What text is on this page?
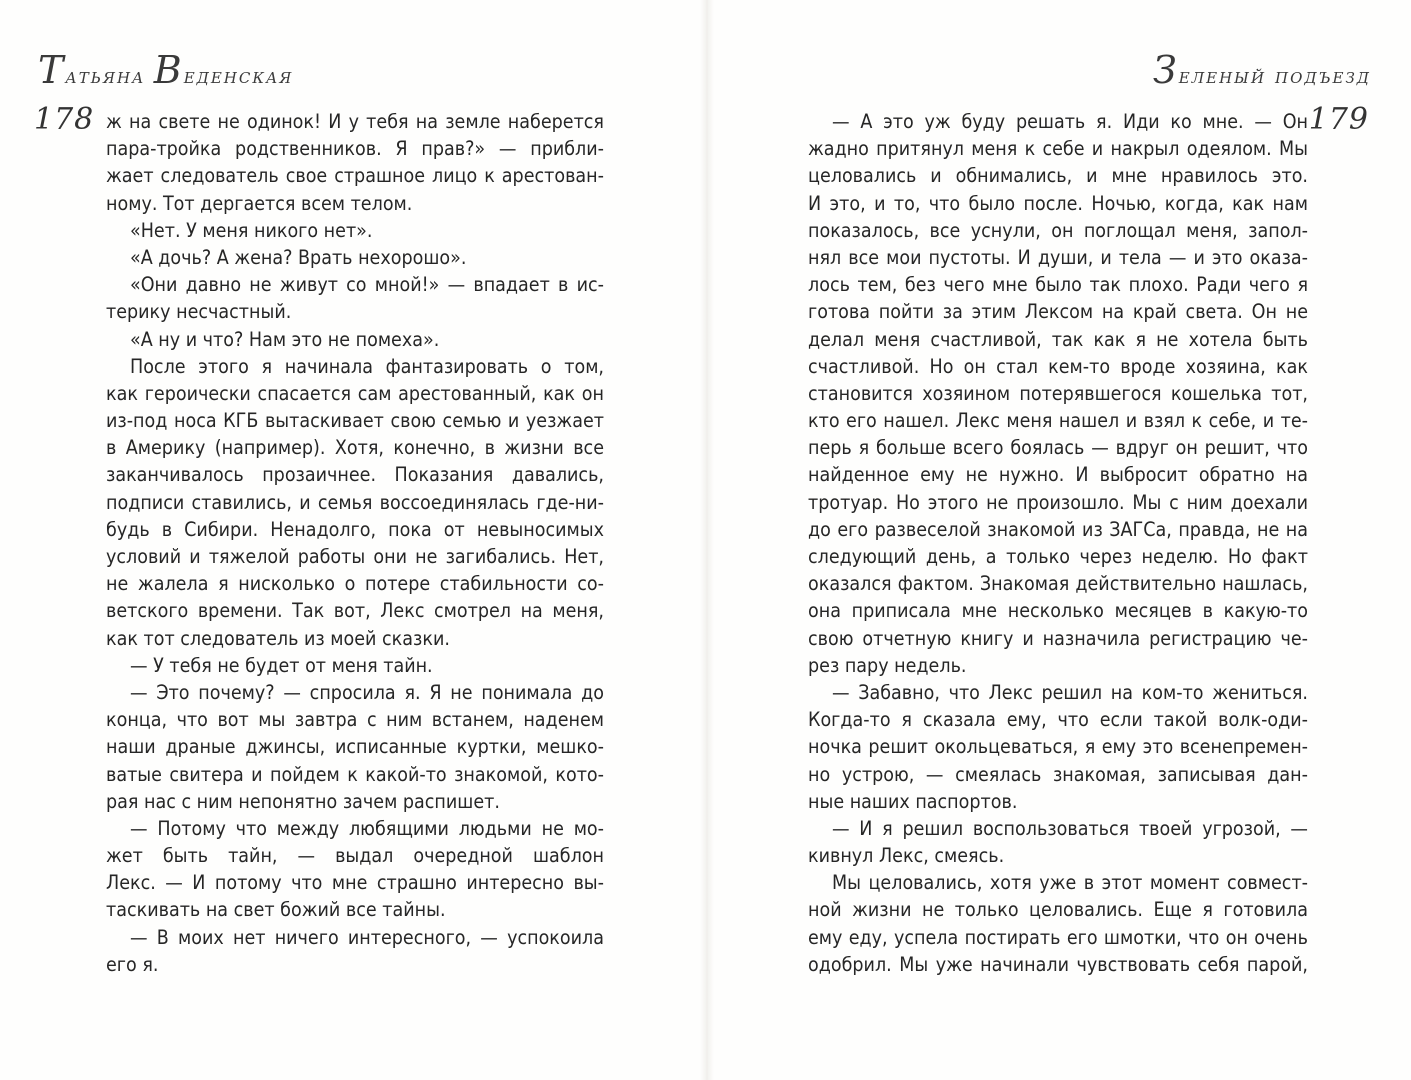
Татьяна Веденская
178 ж на свете не одинок! И у тебя на земле наберется
пара-тройка родственников. Я прав?» — прибли-
жает следователь свое страшное лицо к арестован-
ному. Тот дергается всем телом.
«Нет. У меня никого нет».
«А дочь? А жена? Врать нехорошо».
«Они давно не живут со мной!» — впадает в ис-
терику несчастный.
«А ну и что? Нам это не помеха».
После этого я начинала фантазировать о том,
как героически спасается сам арестованный, как он
из-под носа КГБ вытаскивает свою семью и уезжает
в Америку (например). Хотя, конечно, в жизни все
заканчивалось прозаичнее. Показания давались,
подписи ставились, и семья воссоединялась где-ни-
будь в Сибири. Ненадолго, пока от невыносимых
условий и тяжелой работы они не загибались. Нет,
не жалела я нисколько о потере стабильности со-
ветского времени. Так вот, Лекс смотрел на меня,
как тот следователь из моей сказки.
— У тебя не будет от меня тайн.
— Это почему? — спросила я. Я не понимала до
конца, что вот мы завтра с ним встанем, наденем
наши драные джинсы, исписанные куртки, мешко-
ватые свитера и пойдем к какой-то знакомой, кото-
рая нас с ним непонятно зачем распишет.
— Потому что между любящими людьми не мо-
жет быть тайн, — выдал очередной шаблон
Лекс. — И потому что мне страшно интересно вы-
таскивать на свет божий все тайны.
— В моих нет ничего интересного, — успокоила
его я.
Зеленый подъезд
179
— А это уж буду решать я. Иди ко мне. — Он
жадно притянул меня к себе и накрыл одеялом. Мы
целовались и обнимались, и мне нравилось это.
И это, и то, что было после. Ночью, когда, как нам
показалось, все уснули, он поглощал меня, запол-
нял все мои пустоты. И души, и тела — и это оказа-
лось тем, без чего мне было так плохо. Ради чего я
готова пойти за этим Лексом на край света. Он не
делал меня счастливой, так как я не хотела быть
счастливой. Но он стал кем-то вроде хозяина, как
становится хозяином потерявшегося кошелька тот,
кто его нашел. Лекс меня нашел и взял к себе, и те-
перь я больше всего боялась — вдруг он решит, что
найденное ему не нужно. И выбросит обратно на
тротуар. Но этого не произошло. Мы с ним доехали
до его развеселой знакомой из ЗАГСа, правда, не на
следующий день, а только через неделю. Но факт
оказался фактом. Знакомая действительно нашлась,
она приписала мне несколько месяцев в какую-то
свою отчетную книгу и назначила регистрацию че-
рез пару недель.
— Забавно, что Лекс решил на ком-то жениться.
Когда-то я сказала ему, что если такой волк-оди-
ночка решит окольцеваться, я ему это всенепремен-
но устрою, — смеялась знакомая, записывая дан-
ные наших паспортов.
— И я решил воспользоваться твоей угрозой, —
кивнул Лекс, смеясь.
Мы целовались, хотя уже в этот момент совмест-
ной жизни не только целовались. Еще я готовила
ему еду, успела постирать его шмотки, что он очень
одобрил. Мы уже начинали чувствовать себя парой,
